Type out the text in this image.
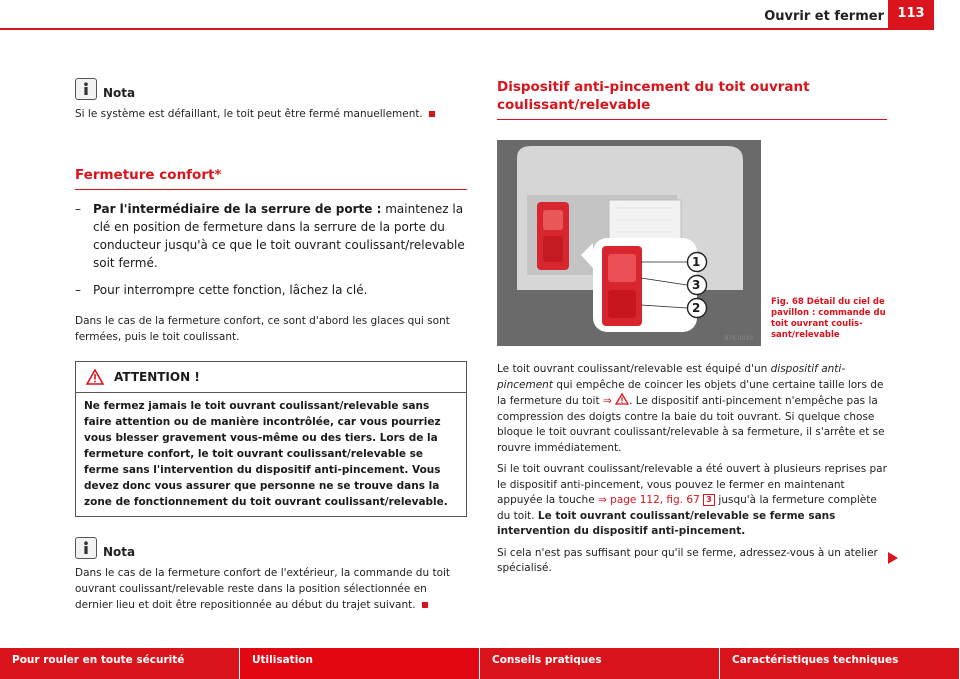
Ouvrir et fermer	113
Nota
Si le système est défaillant, le toit peut être fermé manuellement.
Fermeture confort*
–	Par l'intermédiaire de la serrure de porte : maintenez la clé en position de fermeture dans la serrure de la porte du conducteur jusqu'à ce que le toit ouvrant coulissant/relevable soit fermé.
–	Pour interrompre cette fonction, lâchez la clé.

Dans le cas de la fermeture confort, ce sont d'abord les glaces qui sont fermées, puis le toit coulissant.

ATTENTION !
Ne fermez jamais le toit ouvrant coulissant/relevable sans faire attention ou de manière incontrôlée, car vous pourriez vous blesser gravement vous-même ou des tiers. Lors de la fermeture confort, le toit ouvrant coulissant/relevable se ferme sans l'intervention du dispositif anti-pincement. Vous devez donc vous assurer que personne ne se trouve dans la zone de fonctionnement du toit ouvrant coulissant/relevable.
Nota
Dans le cas de la fermeture confort de l'extérieur, la commande du toit ouvrant coulissant/relevable reste dans la position sélectionnée en dernier lieu et doit être repositionnée au début du trajet suivant.
Dispositif anti-pincement du toit ouvrant coulissant/relevable
1
3
2
B7K-0010
Fig. 68 Détail du ciel de pavillon : commande du toit ouvrant coulis-sant/relevable

Le toit ouvrant coulissant/relevable est équipé d'un dispositif anti-pincement qui empêche de coincer les objets d'une certaine taille lors de la fermeture du toit ⇒ . Le dispositif anti-pincement n'empêche pas la compression des doigts contre la baie du toit ouvrant. Si quelque chose bloque le toit ouvrant coulissant/relevable à sa fermeture, il s'arrête et se rouvre immédiatement.

Si le toit ouvrant coulissant/relevable a été ouvert à plusieurs reprises par le dispositif anti-pincement, vous pouvez le fermer en maintenant appuyée la touche ⇒ page 112, fig. 67 3 jusqu'à la fermeture complète du toit. Le toit ouvrant coulissant/relevable se ferme sans intervention du dispositif anti-pincement.

Si cela n'est pas suffisant pour qu'il se ferme, adressez-vous à un atelier spécialisé.

Pour rouler en toute sécurité	Utilisation	Conseils pratiques	Caractéristiques techniques
